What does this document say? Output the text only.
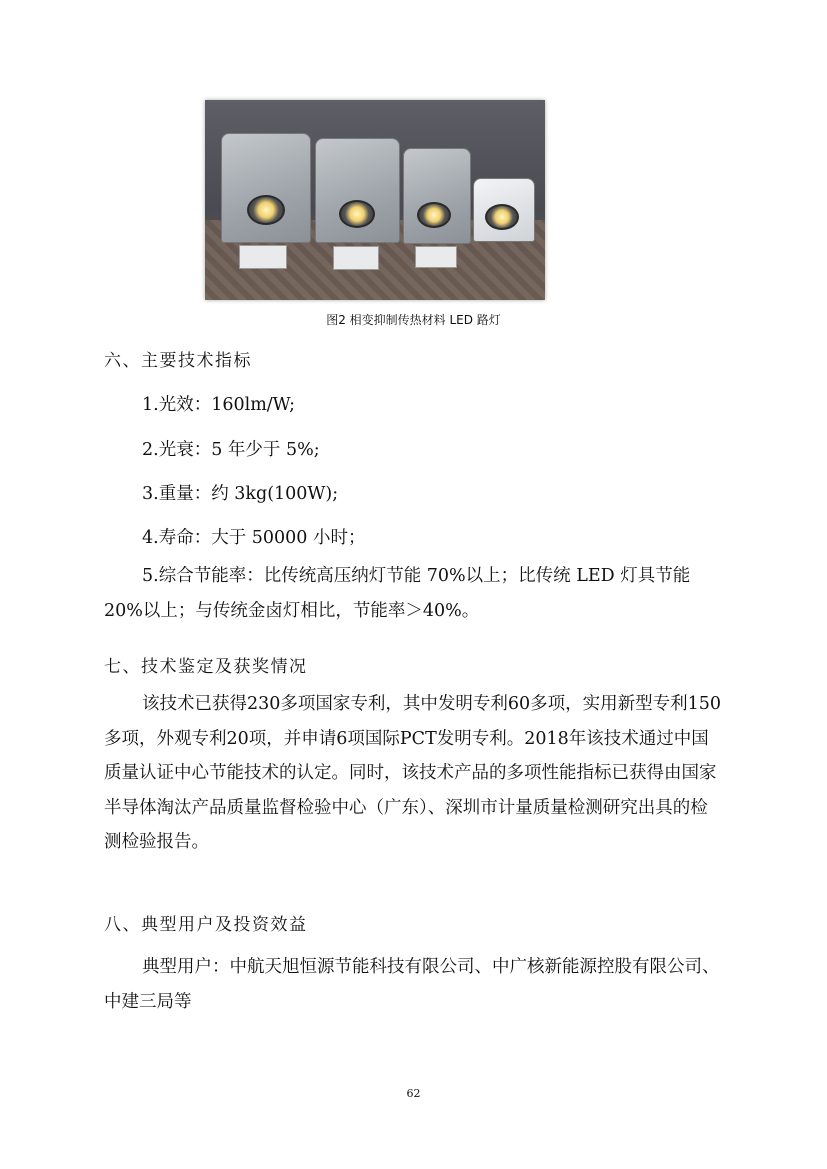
图2 相变抑制传热材料 LED 路灯
六、主要技术指标
1.光效：160lm/W;
2.光衰：5 年少于 5%;
3.重量：约 3kg(100W);
4.寿命：大于 50000 小时；

5.综合节能率：比传统高压纳灯节能 70%以上；比传统 LED 灯具节能 20%以上；与传统金卤灯相比，节能率＞40%。

七、技术鉴定及获奖情况

该技术已获得230多项国家专利，其中发明专利60多项，实用新型专利150多项，外观专利20项，并申请6项国际PCT发明专利。2018年该技术通过中国质量认证中心节能技术的认定。同时，该技术产品的多项性能指标已获得由国家半导体淘汰产品质量监督检验中心（广东）、深圳市计量质量检测研究出具的检测检验报告。

八、典型用户及投资效益

典型用户：中航天旭恒源节能科技有限公司、中广核新能源控股有限公司、中建三局等

62
